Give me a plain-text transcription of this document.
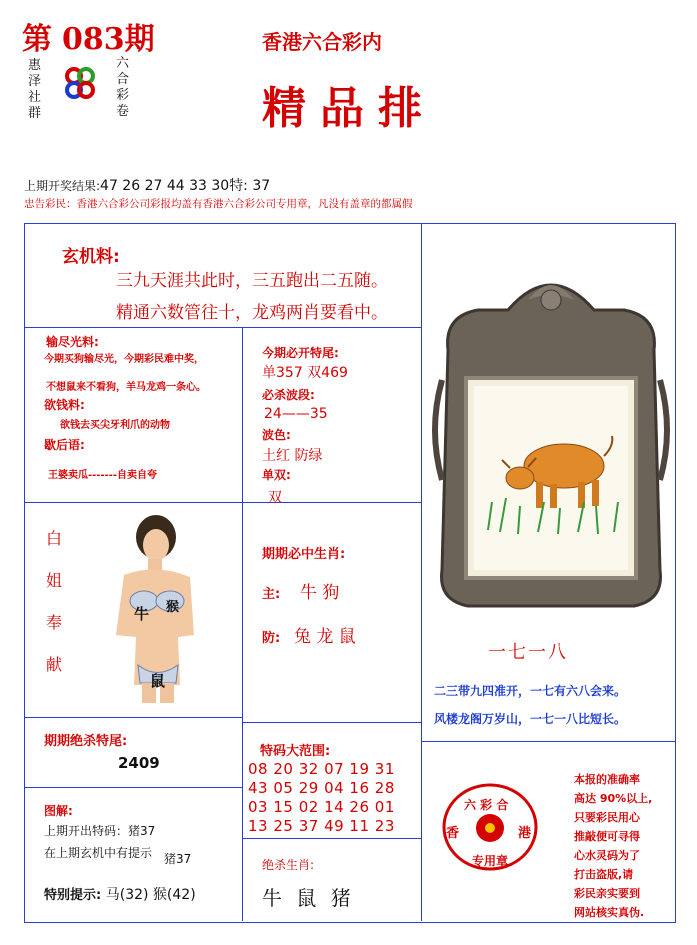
第 083期
惠泽社群
六合彩卷
香港六合彩内
精品排
上期开奖结果:47 26 27 44 33 30特: 37
忠告彩民：香港六合彩公司彩报均盖有香港六合彩公司专用章，凡没有盖章的都属假
玄机料:
三九天涯共此时，三五跑出二五随。
精通六数管往十，龙鸡两肖要看中。
输尽光料:
今期买狗输尽光，今期彩民难中奖，
不想鼠来不看狗，羊马龙鸡一条心。
欲钱料:
欲钱去买尖牙利爪的动物
歇后语:
王婆卖瓜-------自卖自夸
今期必开特尾:
单357 双469
必杀波段:
24——35
波色:
土红 防绿
单双:
双
白姐奉献
牛 猴
鼠
期期必中生肖:
主: 牛 狗
防: 兔 龙 鼠
一七一八
二三带九四准开，一七有六八会来。
风楼龙阁万岁山，一七一八比短长。
期期绝杀特尾:
2409
特码大范围:
08 20 32 07 19 31
43 05 29 04 16 28
03 15 02 14 26 01
13 25 37 49 11 23
图解:
上期开出特码：猪37
在上期玄机中有提示 猪37
特别提示: 马(32) 猴(42)
绝杀生肖:
牛 鼠 猪
六 彩 合
香	港
专用章
本报的准确率
高达 90%以上,
只要彩民用心
推敲便可寻得
心水灵码为了
打击盗版,请
彩民亲实要到
网站核实真伪.
